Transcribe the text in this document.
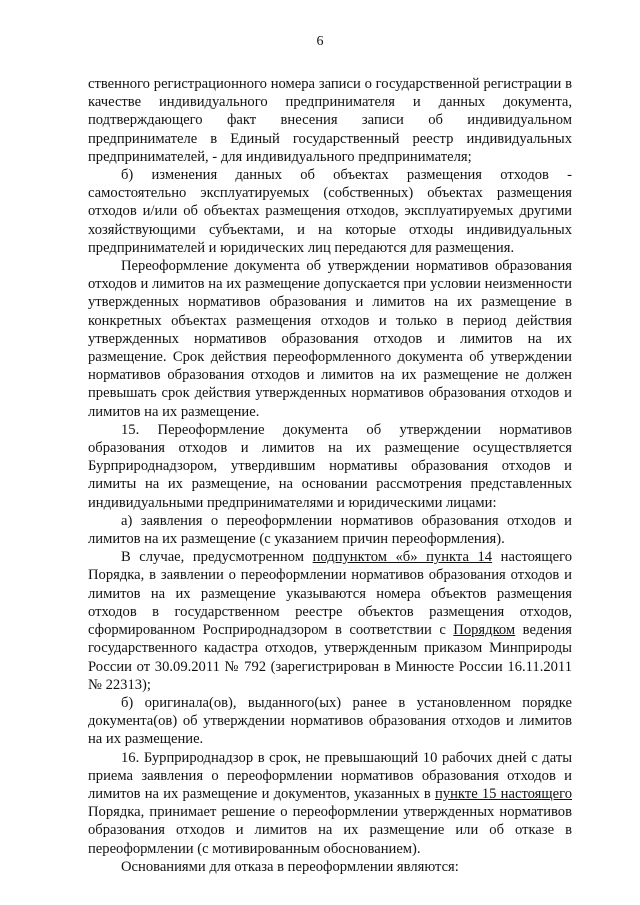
6

ственного регистрационного номера записи о государственной регистрации в качестве индивидуального предпринимателя и данных документа, подтверждающего факт внесения записи об индивидуальном предпринимателе в Единый государственный реестр индивидуальных предпринимателей, - для индивидуального предпринимателя;

б) изменения данных об объектах размещения отходов - самостоятельно эксплуатируемых (собственных) объектах размещения отходов и/или об объектах размещения отходов, эксплуатируемых другими хозяйствующими субъектами, и на которые отходы индивидуальных предпринимателей и юридических лиц передаются для размещения.

Переоформление документа об утверждении нормативов образования отходов и лимитов на их размещение допускается при условии неизменности утвержденных нормативов образования и лимитов на их размещение в конкретных объектах размещения отходов и только в период действия утвержденных нормативов образования отходов и лимитов на их размещение. Срок действия переоформленного документа об утверждении нормативов образования отходов и лимитов на их размещение не должен превышать срок действия утвержденных нормативов образования отходов и лимитов на их размещение.

15. Переоформление документа об утверждении нормативов образования отходов и лимитов на их размещение осуществляется Бурприроднадзором, утвердившим нормативы образования отходов и лимиты на их размещение, на основании рассмотрения представленных индивидуальными предпринимателями и юридическими лицами:

а) заявления о переоформлении нормативов образования отходов и лимитов на их размещение (с указанием причин переоформления).

В случае, предусмотренном подпунктом «б» пункта 14 настоящего Порядка, в заявлении о переоформлении нормативов образования отходов и лимитов на их размещение указываются номера объектов размещения отходов в государственном реестре объектов размещения отходов, сформированном Росприроднадзором в соответствии с Порядком ведения государственного кадастра отходов, утвержденным приказом Минприроды России от 30.09.2011 № 792 (зарегистрирован в Минюсте России 16.11.2011 № 22313);

б) оригинала(ов), выданного(ых) ранее в установленном порядке документа(ов) об утверждении нормативов образования отходов и лимитов на их размещение.

16. Бурприроднадзор в срок, не превышающий 10 рабочих дней с даты приема заявления о переоформлении нормативов образования отходов и лимитов на их размещение и документов, указанных в пункте 15 настоящего Порядка, принимает решение о переоформлении утвержденных нормативов образования отходов и лимитов на их размещение или об отказе в переоформлении (с мотивированным обоснованием).

Основаниями для отказа в переоформлении являются:
